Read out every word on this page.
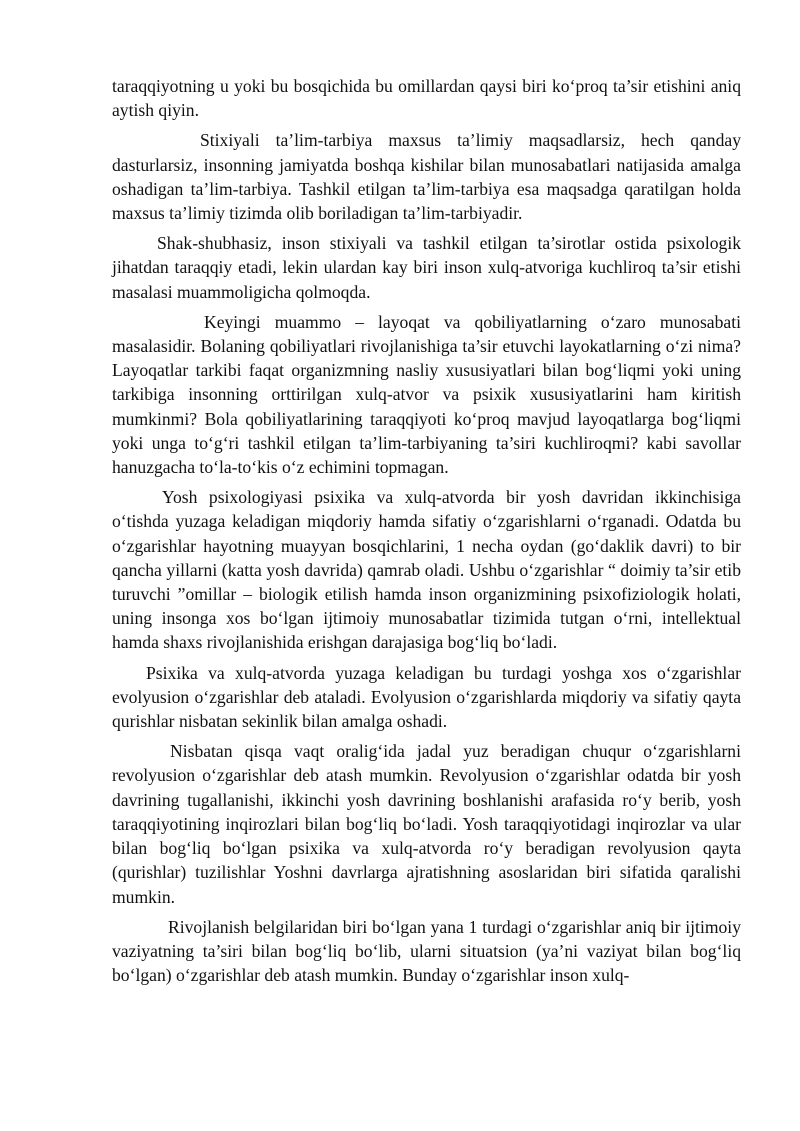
taraqqiyotning u yoki bu bosqichida bu omillardan qaysi biri ko‘proq ta’sir etishini aniq aytish qiyin.

Stixiyali ta’lim-tarbiya maxsus ta’limiy maqsadlarsiz, hech qanday dasturlarsiz, insonning jamiyatda boshqa kishilar bilan munosabatlari natijasida amalga oshadigan ta’lim-tarbiya. Tashkil etilgan ta’lim-tarbiya esa maqsadga qaratilgan holda maxsus ta’limiy tizimda olib boriladigan ta’lim-tarbiyadir.

Shak-shubhasiz, inson stixiyali va tashkil etilgan ta’sirotlar ostida psixologik jihatdan taraqqiy etadi, lekin ulardan kay biri inson xulq-atvoriga kuchliroq ta’sir etishi masalasi muammoligicha qolmoqda.

Keyingi muammo – layoqat va qobiliyatlarning o‘zaro munosabati masalasidir. Bolaning qobiliyatlari rivojlanishiga ta’sir etuvchi layokatlarning o‘zi nima? Layoqatlar tarkibi faqat organizmning nasliy xususiyatlari bilan bog‘liqmi yoki uning tarkibiga insonning orttirilgan xulq-atvor va psixik xususiyatlarini ham kiritish mumkinmi? Bola qobiliyatlarining taraqqiyoti ko‘proq mavjud layoqatlarga bog‘liqmi yoki unga to‘g‘ri tashkil etilgan ta’lim-tarbiyaning ta’siri kuchliroqmi? kabi savollar hanuzgacha to‘la-to‘kis o‘z echimini topmagan.

Yosh psixologiyasi psixika va xulq-atvorda bir yosh davridan ikkinchisiga o‘tishda yuzaga keladigan miqdoriy hamda sifatiy o‘zgarishlarni o‘rganadi. Odatda bu o‘zgarishlar hayotning muayyan bosqichlarini, 1 necha oydan (go‘daklik davri) to bir qancha yillarni (katta yosh davrida) qamrab oladi. Ushbu o‘zgarishlar “ doimiy ta’sir etib turuvchi ”omillar – biologik etilish hamda inson organizmining psixofiziologik holati, uning insonga xos bo‘lgan ijtimoiy munosabatlar tizimida tutgan o‘rni, intellektual hamda shaxs rivojlanishida erishgan darajasiga bog‘liq bo‘ladi.

Psixika va xulq-atvorda yuzaga keladigan bu turdagi yoshga xos o‘zgarishlar evolyusion o‘zgarishlar deb ataladi. Evolyusion o‘zgarishlarda miqdoriy va sifatiy qayta qurishlar nisbatan sekinlik bilan amalga oshadi.

Nisbatan qisqa vaqt oralig‘ida jadal yuz beradigan chuqur o‘zgarishlarni revolyusion o‘zgarishlar deb atash mumkin. Revolyusion o‘zgarishlar odatda bir yosh davrining tugallanishi, ikkinchi yosh davrining boshlanishi arafasida ro‘y berib, yosh taraqqiyotining inqirozlari bilan bog‘liq bo‘ladi. Yosh taraqqiyotidagi inqirozlar va ular bilan bog‘liq bo‘lgan psixika va xulq-atvorda ro‘y beradigan revolyusion qayta (qurishlar) tuzilishlar Yoshni davrlarga ajratishning asoslaridan biri sifatida qaralishi mumkin.

Rivojlanish belgilaridan biri bo‘lgan yana 1 turdagi o‘zgarishlar aniq bir ijtimoiy vaziyatning ta’siri bilan bog‘liq bo‘lib, ularni situatsion (ya’ni vaziyat bilan bog‘liq bo‘lgan) o‘zgarishlar deb atash mumkin. Bunday o‘zgarishlar inson xulq-
